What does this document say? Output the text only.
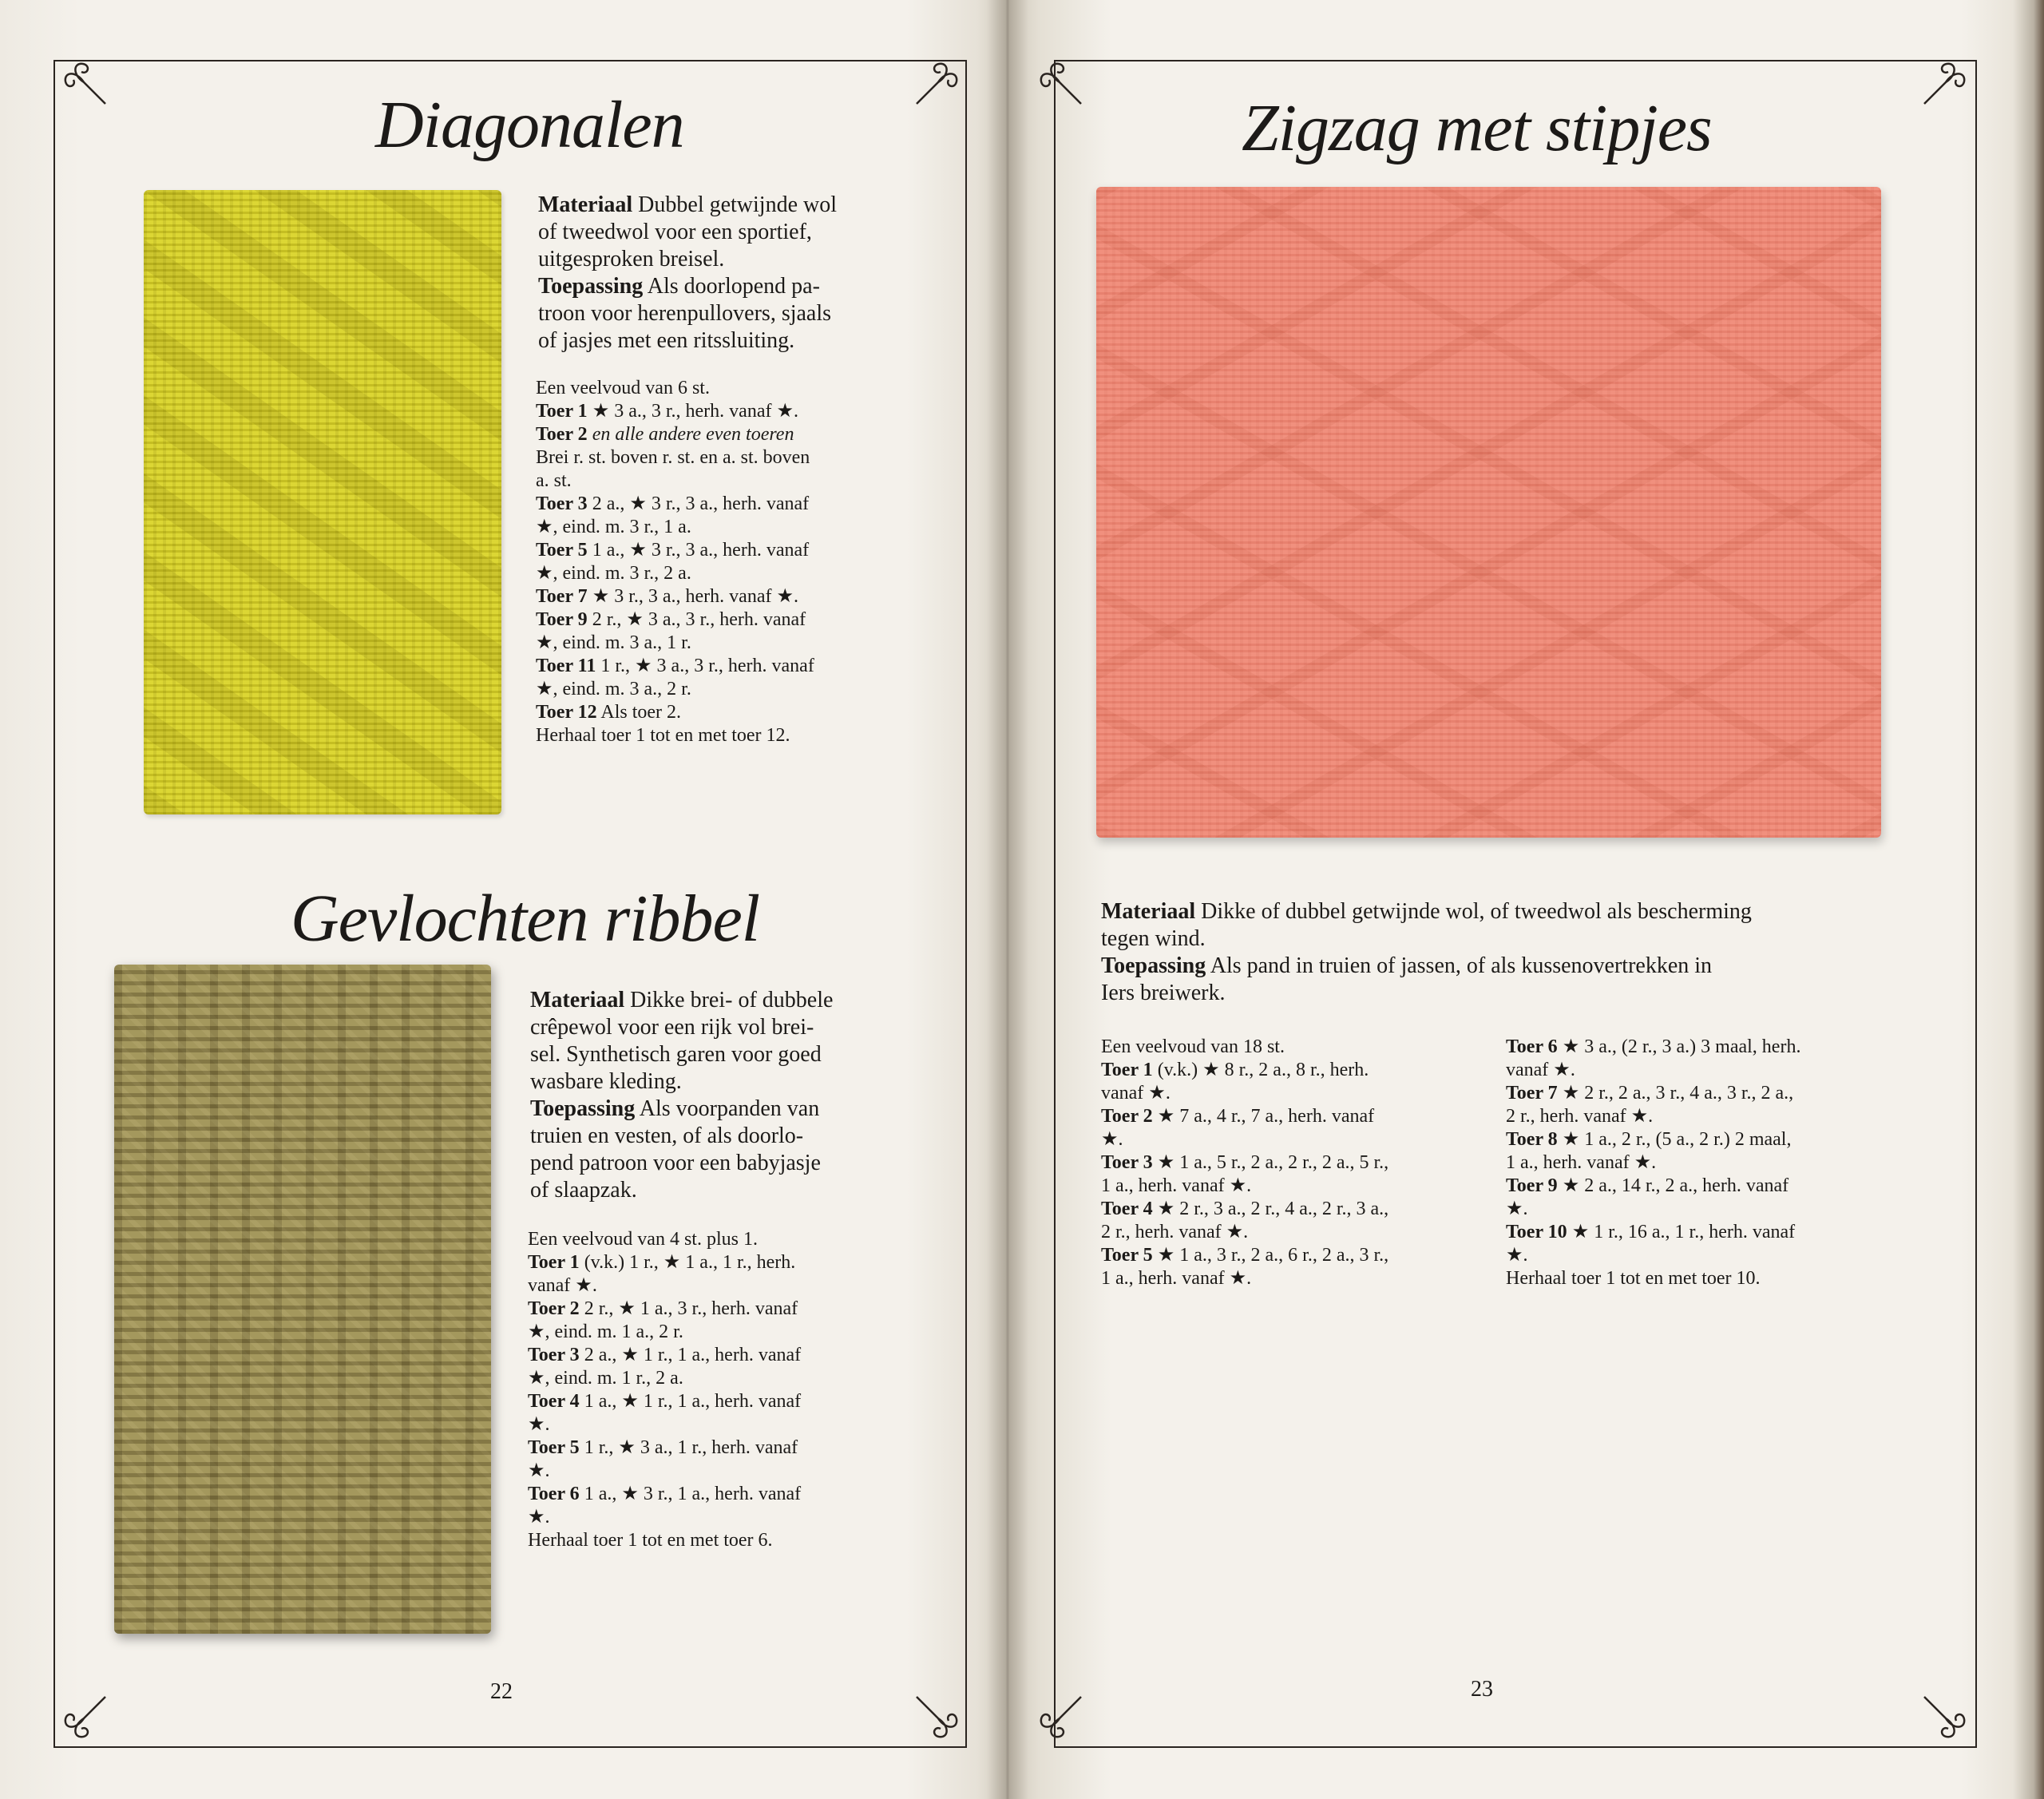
Diagonalen

Materiaal Dubbel getwijnde wol

of tweedwol voor een sportief,

uitgesproken breisel.

Toepassing Als doorlopend pa-

troon voor herenpullovers, sjaals

of jasjes met een ritssluiting.

Een veelvoud van 6 st.

Toer 1 ★ 3 a., 3 r., herh. vanaf ★.

Toer 2 en alle andere even toeren

Brei r. st. boven r. st. en a. st. boven

a. st.

Toer 3 2 a., ★ 3 r., 3 a., herh. vanaf

★, eind. m. 3 r., 1 a.

Toer 5 1 a., ★ 3 r., 3 a., herh. vanaf

★, eind. m. 3 r., 2 a.

Toer 7 ★ 3 r., 3 a., herh. vanaf ★.

Toer 9 2 r., ★ 3 a., 3 r., herh. vanaf

★, eind. m. 3 a., 1 r.

Toer 11 1 r., ★ 3 a., 3 r., herh. vanaf

★, eind. m. 3 a., 2 r.

Toer 12 Als toer 2.

Herhaal toer 1 tot en met toer 12.

Gevlochten ribbel

Materiaal Dikke brei- of dubbele

crêpewol voor een rijk vol brei-

sel. Synthetisch garen voor goed

wasbare kleding.

Toepassing Als voorpanden van

truien en vesten, of als doorlo-

pend patroon voor een babyjasje

of slaapzak.

Een veelvoud van 4 st. plus 1.

Toer 1 (v.k.) 1 r., ★ 1 a., 1 r., herh.

vanaf ★.

Toer 2 2 r., ★ 1 a., 3 r., herh. vanaf

★, eind. m. 1 a., 2 r.

Toer 3 2 a., ★ 1 r., 1 a., herh. vanaf

★, eind. m. 1 r., 2 a.

Toer 4 1 a., ★ 1 r., 1 a., herh. vanaf

★.

Toer 5 1 r., ★ 3 a., 1 r., herh. vanaf

★.

Toer 6 1 a., ★ 3 r., 1 a., herh. vanaf

★.

Herhaal toer 1 tot en met toer 6.

22
Zigzag met stipjes

Materiaal Dikke of dubbel getwijnde wol, of tweedwol als bescherming

tegen wind.

Toepassing Als pand in truien of jassen, of als kussenovertrekken in

Iers breiwerk.

Een veelvoud van 18 st.

Toer 1 (v.k.) ★ 8 r., 2 a., 8 r., herh.

vanaf ★.

Toer 2 ★ 7 a., 4 r., 7 a., herh. vanaf

★.

Toer 3 ★ 1 a., 5 r., 2 a., 2 r., 2 a., 5 r.,

1 a., herh. vanaf ★.

Toer 4 ★ 2 r., 3 a., 2 r., 4 a., 2 r., 3 a.,

2 r., herh. vanaf ★.

Toer 5 ★ 1 a., 3 r., 2 a., 6 r., 2 a., 3 r.,

1 a., herh. vanaf ★.

Toer 6 ★ 3 a., (2 r., 3 a.) 3 maal, herh.

vanaf ★.

Toer 7 ★ 2 r., 2 a., 3 r., 4 a., 3 r., 2 a.,

2 r., herh. vanaf ★.

Toer 8 ★ 1 a., 2 r., (5 a., 2 r.) 2 maal,

1 a., herh. vanaf ★.

Toer 9 ★ 2 a., 14 r., 2 a., herh. vanaf

★.

Toer 10 ★ 1 r., 16 a., 1 r., herh. vanaf

★.

Herhaal toer 1 tot en met toer 10.

23
